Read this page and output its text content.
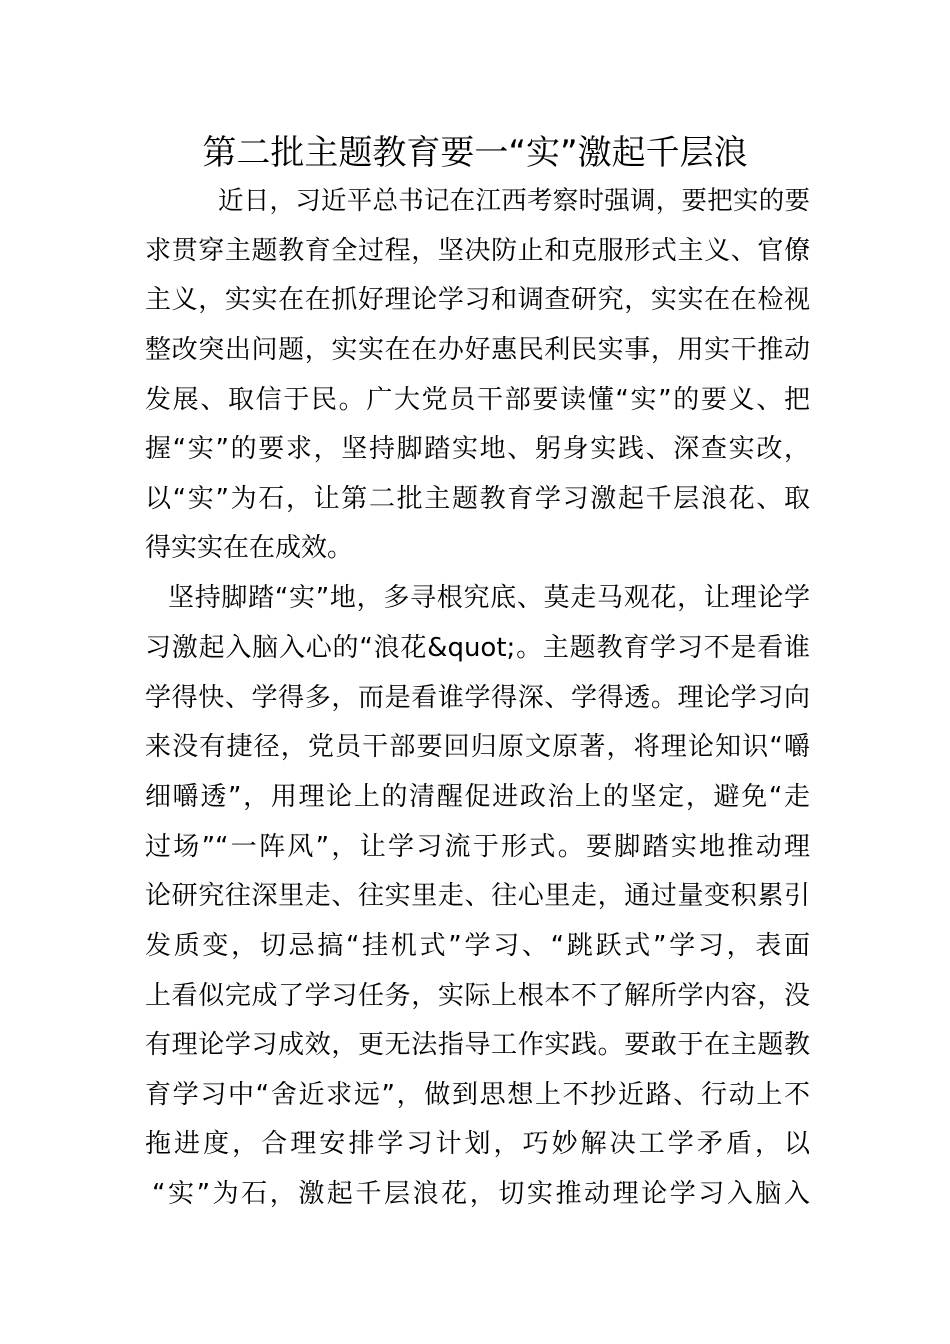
第二批主题教育要一“实”激起千层浪

近日，习近平总书记在江西考察时强调，要把实的要

求贯穿主题教育全过程，坚决防止和克服形式主义、官僚

主义，实实在在抓好理论学习和调查研究，实实在在检视

整改突出问题，实实在在办好惠民利民实事，用实干推动

发展、取信于民。广大党员干部要读懂“实”的要义、把

握“实”的要求，坚持脚踏实地、躬身实践、深查实改，

以“实”为石，让第二批主题教育学习激起千层浪花、取

得实实在在成效。

坚持脚踏“实”地，多寻根究底、莫走马观花，让理论学

习激起入脑入心的“浪花&quot;。主题教育学习不是看谁

学得快、学得多，而是看谁学得深、学得透。理论学习向

来没有捷径，党员干部要回归原文原著，将理论知识“嚼

细嚼透”，用理论上的清醒促进政治上的坚定，避免“走

过场”“一阵风”，让学习流于形式。要脚踏实地推动理

论研究往深里走、往实里走、往心里走，通过量变积累引

发质变，切忌搞“挂机式”学习、“跳跃式”学习，表面

上看似完成了学习任务，实际上根本不了解所学内容，没

有理论学习成效，更无法指导工作实践。要敢于在主题教

育学习中“舍近求远”，做到思想上不抄近路、行动上不

拖进度，合理安排学习计划，巧妙解决工学矛盾，以

“实”为石，激起千层浪花，切实推动理论学习入脑入
